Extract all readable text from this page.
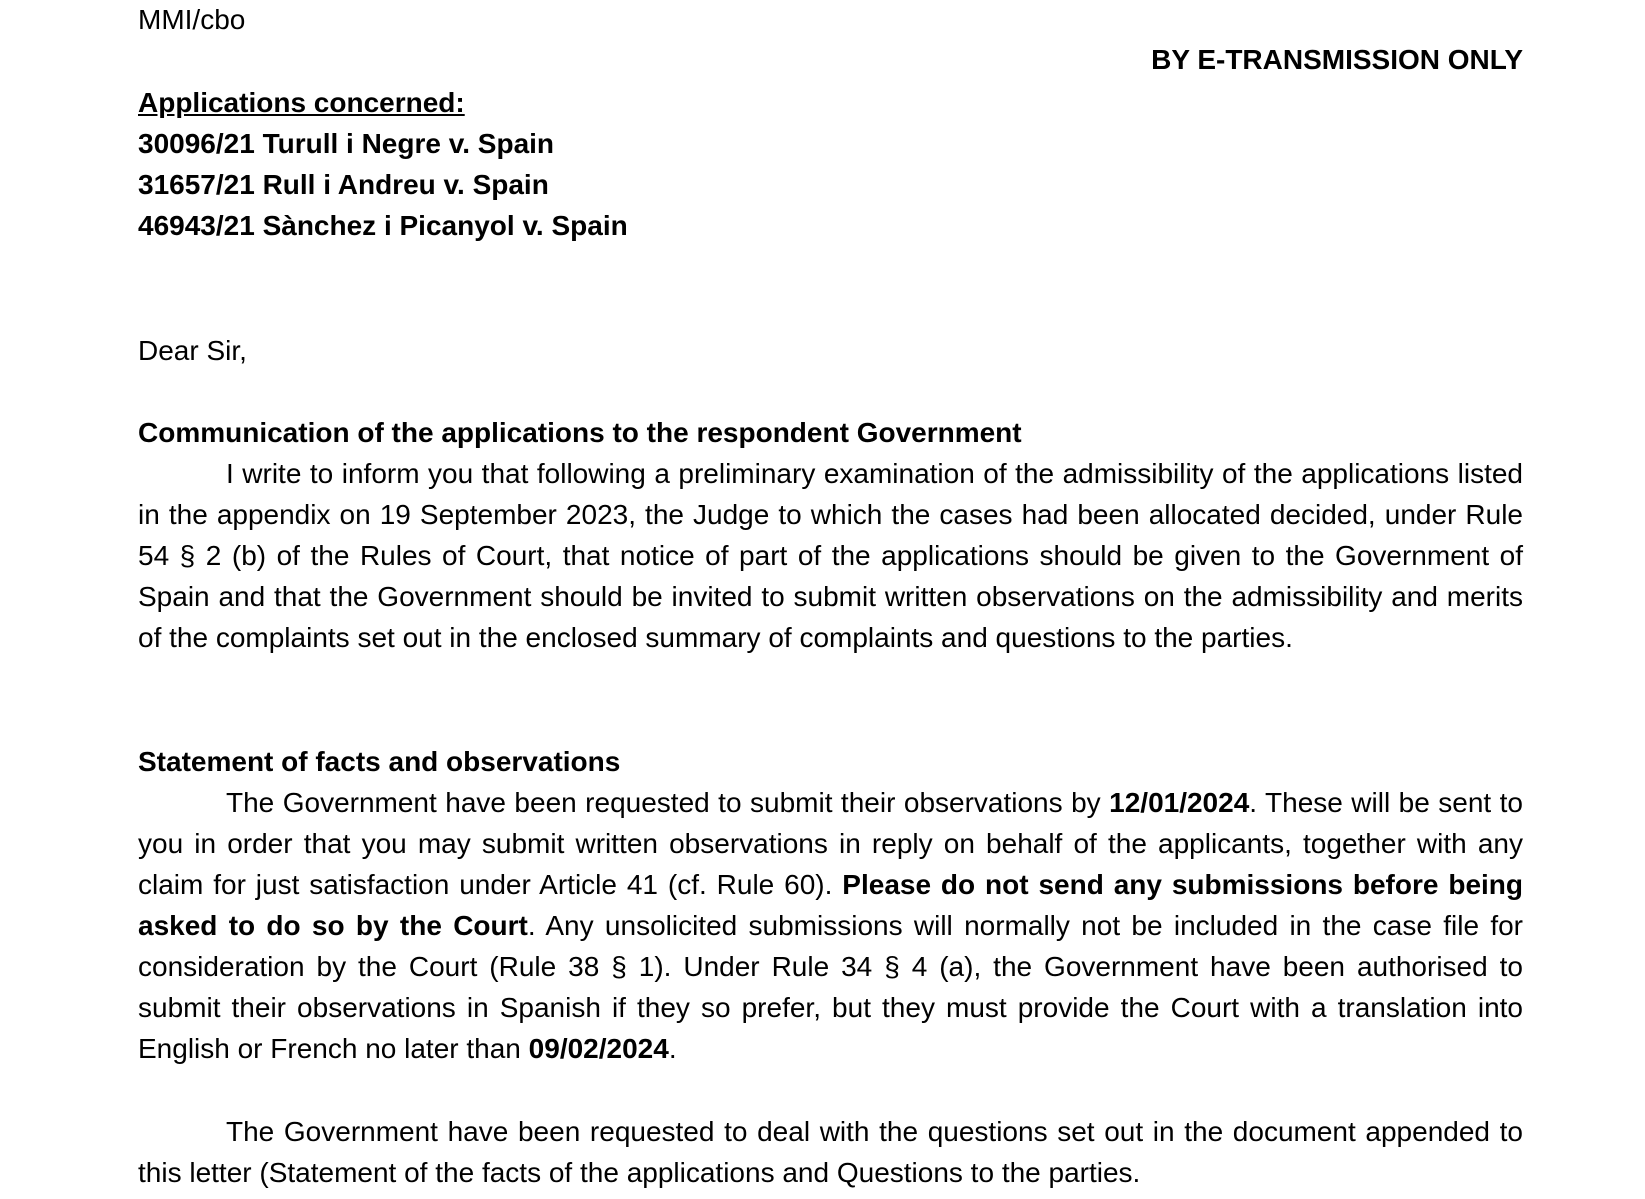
MMI/cbo
BY E-TRANSMISSION ONLY
Applications concerned:
30096/21 Turull i Negre v. Spain
31657/21 Rull i Andreu v. Spain
46943/21 Sànchez i Picanyol v. Spain
Dear Sir,
Communication of the applications to the respondent Government

I write to inform you that following a preliminary examination of the admissibility of the applications listed in the appendix on 19 September 2023, the Judge to which the cases had been allocated decided, under Rule 54 § 2 (b) of the Rules of Court, that notice of part of the applications should be given to the Government of Spain and that the Government should be invited to submit written observations on the admissibility and merits of the complaints set out in the enclosed summary of complaints and questions to the parties.

Statement of facts and observations

The Government have been requested to submit their observations by 12/01/2024. These will be sent to you in order that you may submit written observations in reply on behalf of the applicants, together with any claim for just satisfaction under Article 41 (cf. Rule 60). Please do not send any submissions before being asked to do so by the Court. Any unsolicited submissions will normally not be included in the case file for consideration by the Court (Rule 38 § 1). Under Rule 34 § 4 (a), the Government have been authorised to submit their observations in Spanish if they so prefer, but they must provide the Court with a translation into English or French no later than 09/02/2024.

The Government have been requested to deal with the questions set out in the document appended to this letter (Statement of the facts of the applications and Questions to the parties.
